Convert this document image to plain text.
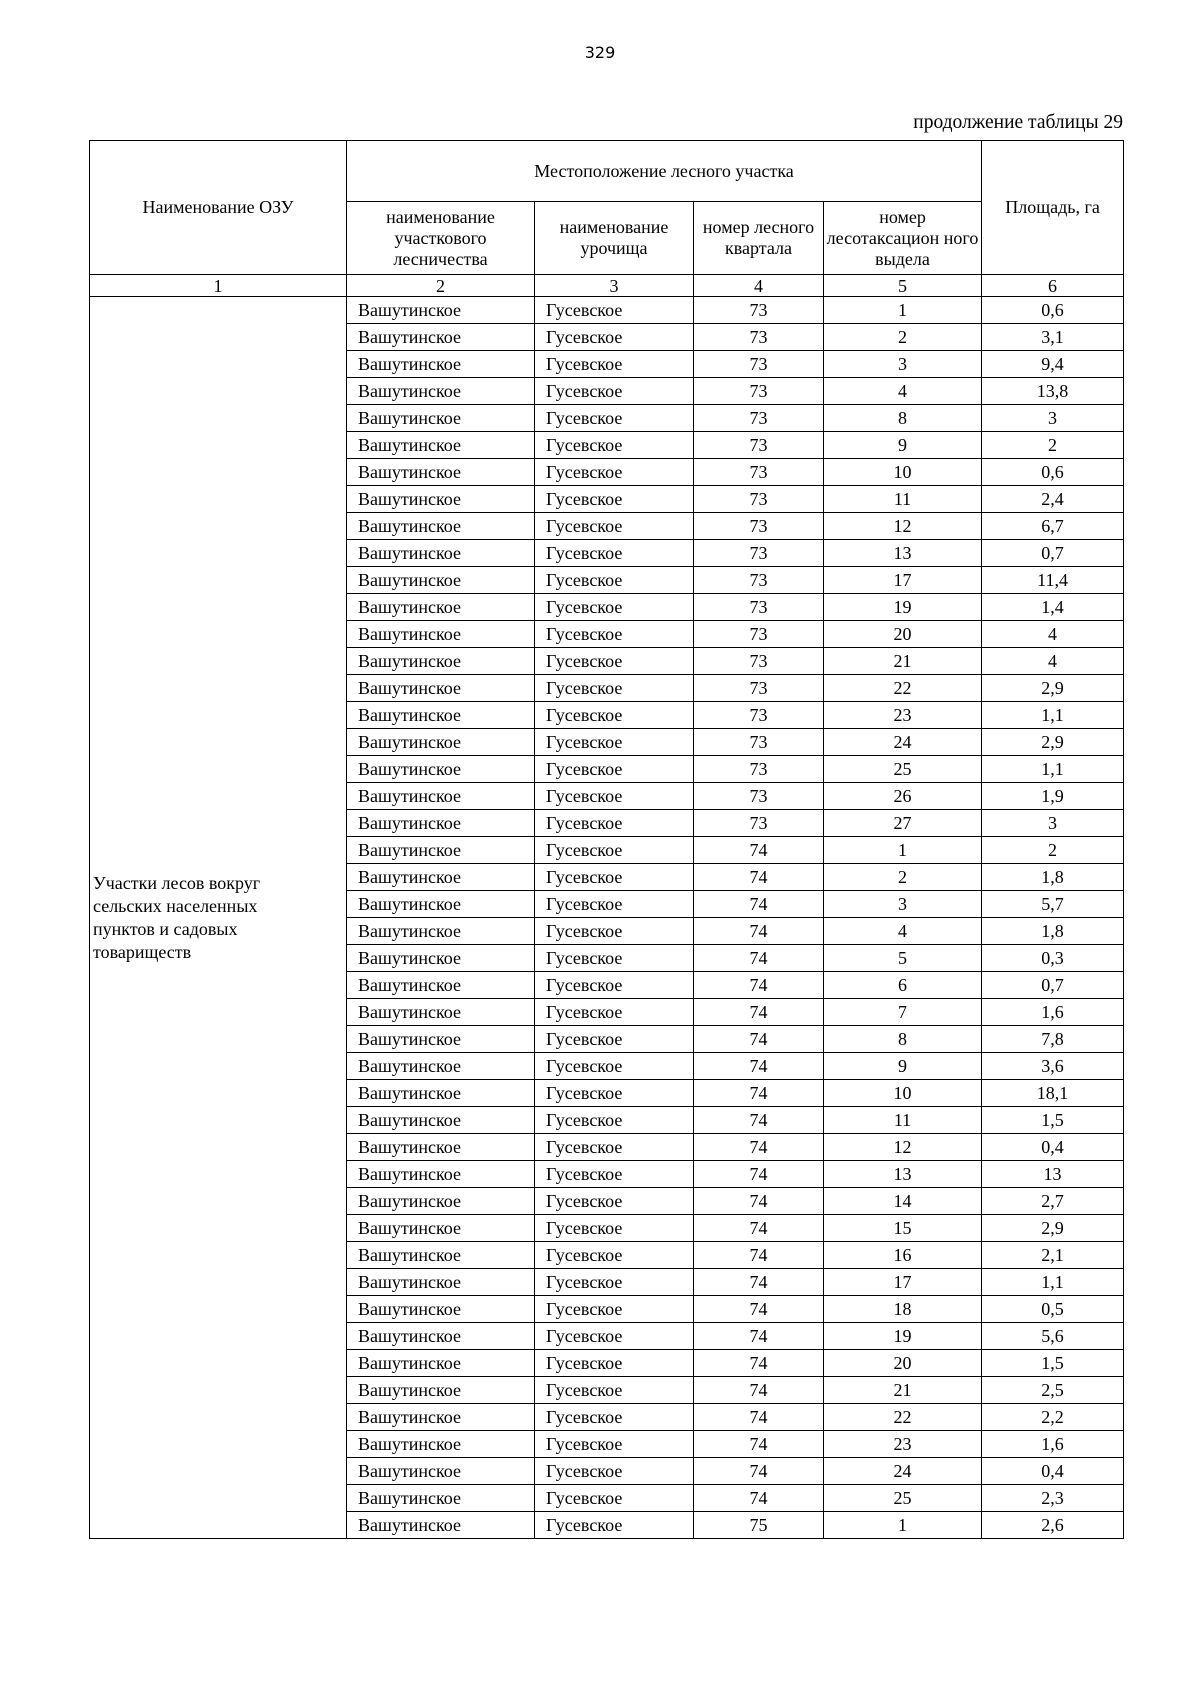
329
продолжение таблицы 29
Наименование ОЗУ	Местоположение лесного участка				Площадь, га
	наименование участкового лесничества	наименование урочища	номер лесного квартала	номер лесотаксацион ного выдела	
1	2	3	4	5	6

Участки лесов вокруг сельских населенных пунктов и садовых товариществ	Вашутинское	Гусевское	73	1	0,6
	Вашутинское	Гусевское	73	2	3,1
	Вашутинское	Гусевское	73	3	9,4
	Вашутинское	Гусевское	73	4	13,8
	Вашутинское	Гусевское	73	8	3
	Вашутинское	Гусевское	73	9	2
	Вашутинское	Гусевское	73	10	0,6
	Вашутинское	Гусевское	73	11	2,4
	Вашутинское	Гусевское	73	12	6,7
	Вашутинское	Гусевское	73	13	0,7
	Вашутинское	Гусевское	73	17	11,4
	Вашутинское	Гусевское	73	19	1,4
	Вашутинское	Гусевское	73	20	4
	Вашутинское	Гусевское	73	21	4
	Вашутинское	Гусевское	73	22	2,9
	Вашутинское	Гусевское	73	23	1,1
	Вашутинское	Гусевское	73	24	2,9
	Вашутинское	Гусевское	73	25	1,1
	Вашутинское	Гусевское	73	26	1,9
	Вашутинское	Гусевское	73	27	3
	Вашутинское	Гусевское	74	1	2
	Вашутинское	Гусевское	74	2	1,8
	Вашутинское	Гусевское	74	3	5,7
	Вашутинское	Гусевское	74	4	1,8
	Вашутинское	Гусевское	74	5	0,3
	Вашутинское	Гусевское	74	6	0,7
	Вашутинское	Гусевское	74	7	1,6
	Вашутинское	Гусевское	74	8	7,8
	Вашутинское	Гусевское	74	9	3,6
	Вашутинское	Гусевское	74	10	18,1
	Вашутинское	Гусевское	74	11	1,5
	Вашутинское	Гусевское	74	12	0,4
	Вашутинское	Гусевское	74	13	13
	Вашутинское	Гусевское	74	14	2,7
	Вашутинское	Гусевское	74	15	2,9
	Вашутинское	Гусевское	74	16	2,1
	Вашутинское	Гусевское	74	17	1,1
	Вашутинское	Гусевское	74	18	0,5
	Вашутинское	Гусевское	74	19	5,6
	Вашутинское	Гусевское	74	20	1,5
	Вашутинское	Гусевское	74	21	2,5
	Вашутинское	Гусевское	74	22	2,2
	Вашутинское	Гусевское	74	23	1,6
	Вашутинское	Гусевское	74	24	0,4
	Вашутинское	Гусевское	74	25	2,3
	Вашутинское	Гусевское	75	1	2,6
